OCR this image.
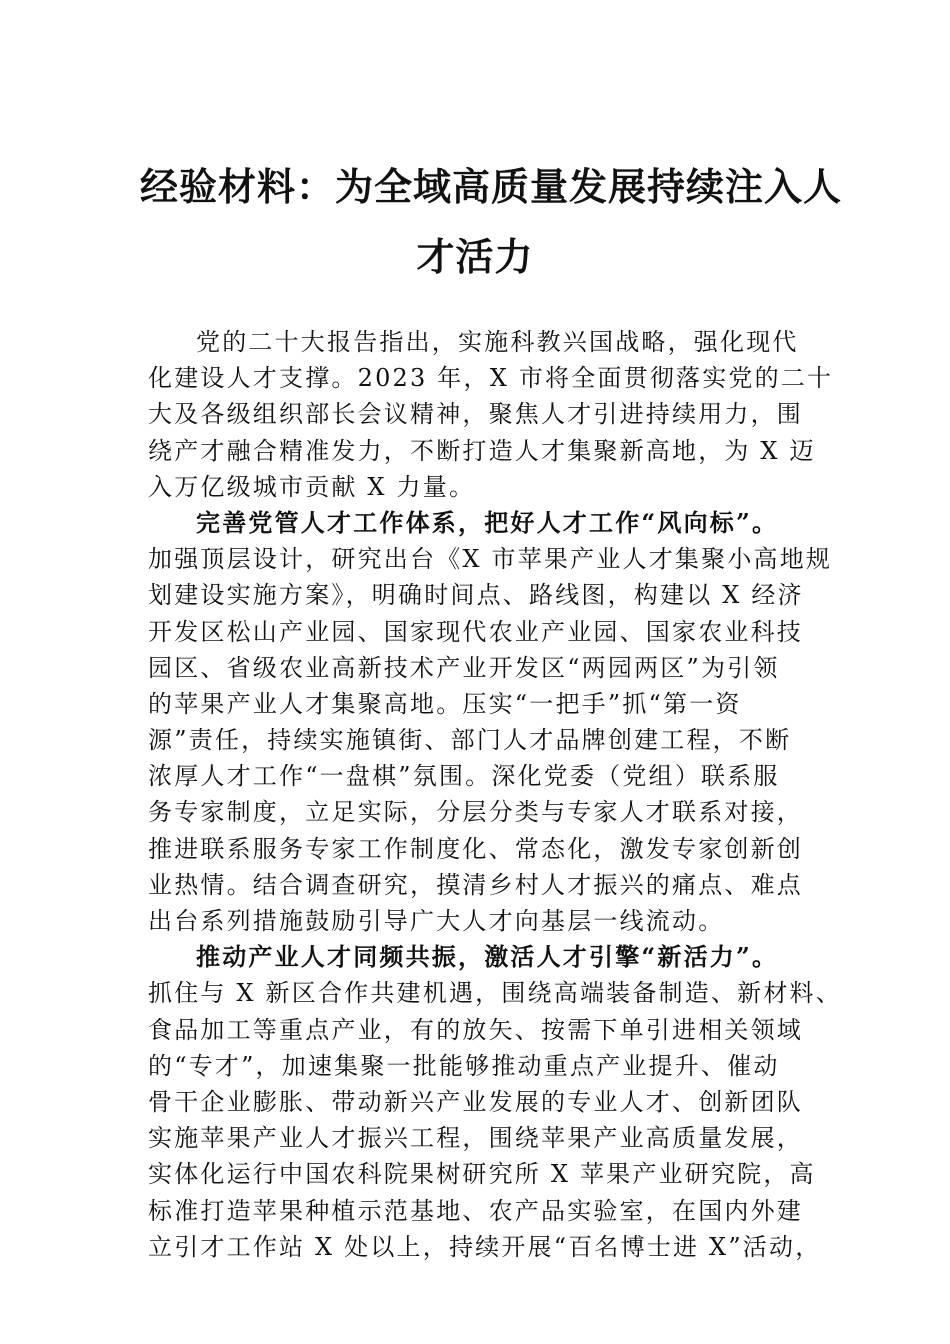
经验材料：为全域高质量发展持续注入人
才活力
党的二十大报告指出，实施科教兴国战略，强化现代
化建设人才支撑。2023 年，X 市将全面贯彻落实党的二十
大及各级组织部长会议精神，聚焦人才引进持续用力，围
绕产才融合精准发力，不断打造人才集聚新高地，为 X 迈
入万亿级城市贡献 X 力量。
完善党管人才工作体系，把好人才工作“风向标”。
加强顶层设计，研究出台《X 市苹果产业人才集聚小高地规
划建设实施方案》，明确时间点、路线图，构建以 X 经济
开发区松山产业园、国家现代农业产业园、国家农业科技
园区、省级农业高新技术产业开发区“两园两区”为引领
的苹果产业人才集聚高地。压实“一把手”抓“第一资
源”责任，持续实施镇街、部门人才品牌创建工程，不断
浓厚人才工作“一盘棋”氛围。深化党委（党组）联系服
务专家制度，立足实际，分层分类与专家人才联系对接，
推进联系服务专家工作制度化、常态化，激发专家创新创
业热情。结合调查研究，摸清乡村人才振兴的痛点、难点
出台系列措施鼓励引导广大人才向基层一线流动。
推动产业人才同频共振，激活人才引擎“新活力”。
抓住与 X 新区合作共建机遇，围绕高端装备制造、新材料、
食品加工等重点产业，有的放矢、按需下单引进相关领域
的“专才”，加速集聚一批能够推动重点产业提升、催动
骨干企业膨胀、带动新兴产业发展的专业人才、创新团队
实施苹果产业人才振兴工程，围绕苹果产业高质量发展，
实体化运行中国农科院果树研究所 X 苹果产业研究院，高
标准打造苹果种植示范基地、农产品实验室，在国内外建
立引才工作站 X 处以上，持续开展“百名博士进 X”活动，
